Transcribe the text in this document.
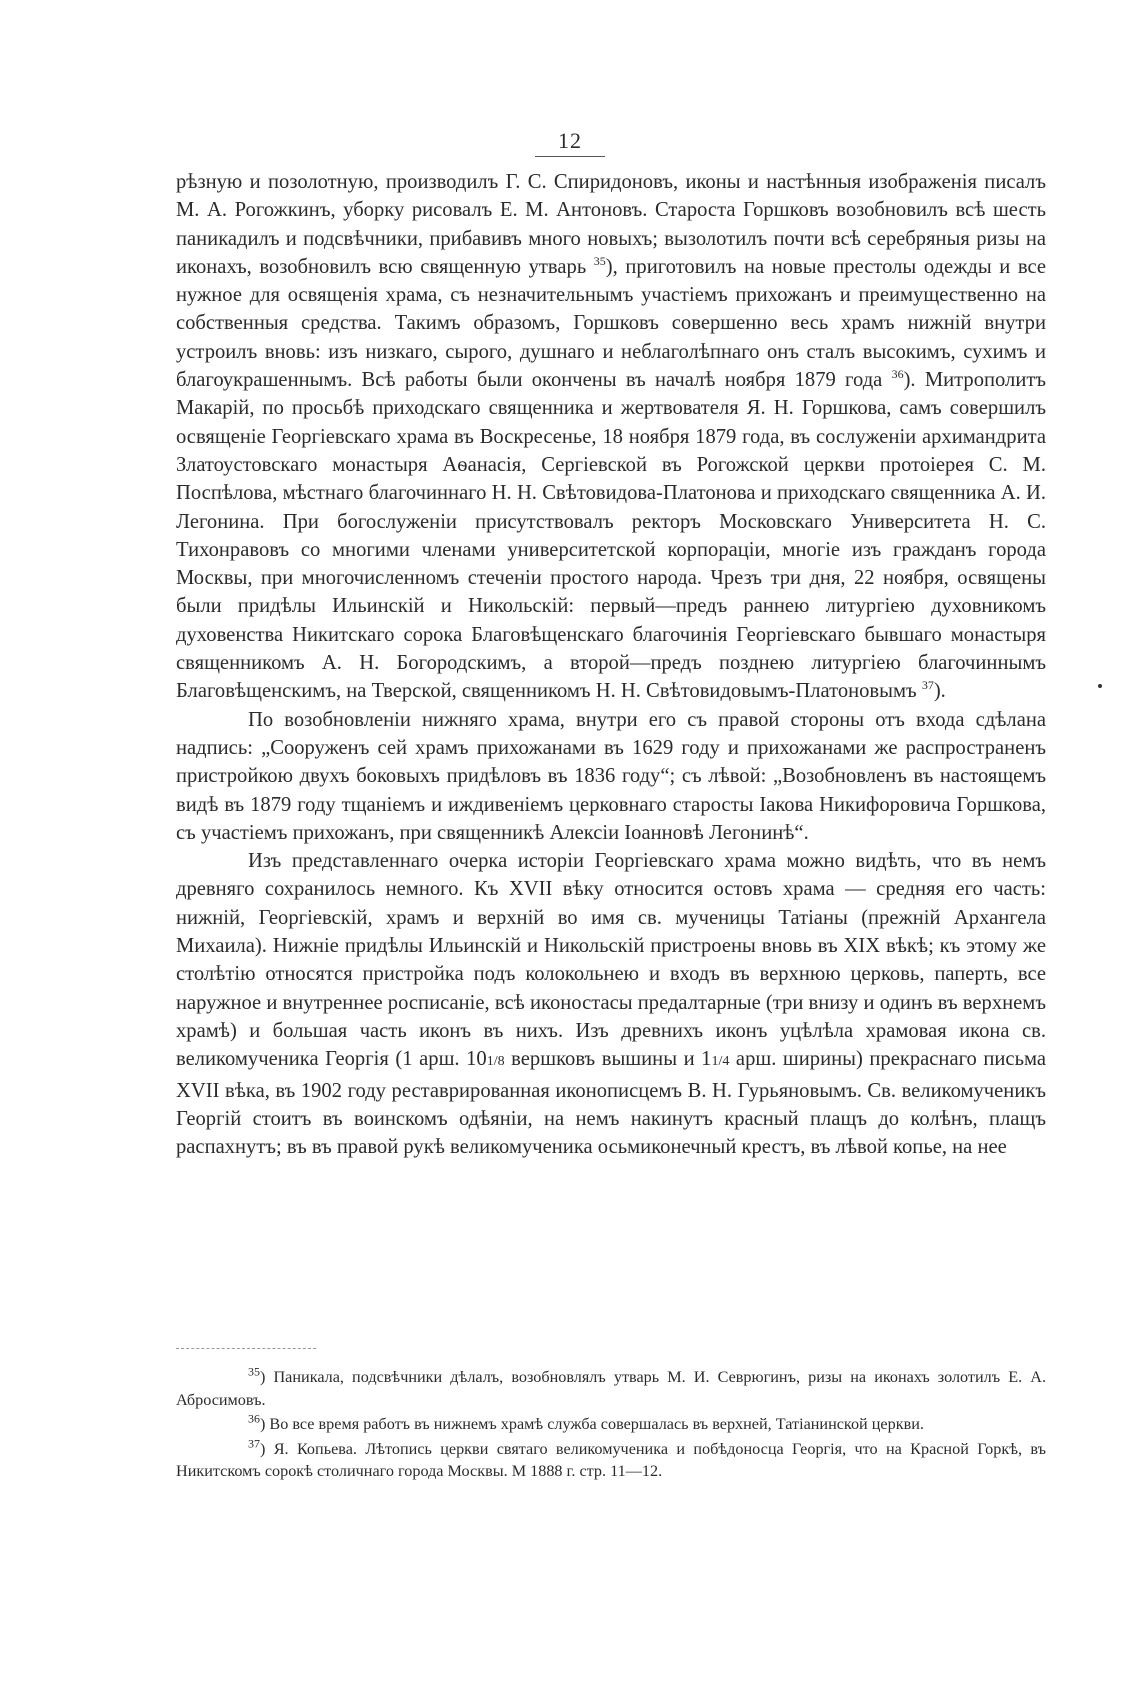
12

рѣзную и позолотную, производилъ Г. С. Спиридоновъ, иконы и настѣнныя изображенія писалъ М. А. Рогожкинъ, уборку рисовалъ Е. М. Антоновъ. Староста Горшковъ возобновилъ всѣ шесть паникадилъ и подсвѣчники, прибавивъ много новыхъ; вызолотилъ почти всѣ серебряныя ризы на иконахъ, возобновилъ всю священную утварь $^{35}$), приготовилъ на новые престолы одежды и все нужное для освященія храма, съ незначительнымъ участіемъ прихожанъ и преимущественно на собственныя средства. Такимъ образомъ, Горшковъ совершенно весь храмъ нижній внутри устроилъ вновь: изъ низкаго, сырого, душнаго и неблаголѣпнаго онъ сталъ высокимъ, сухимъ и благоукрашеннымъ. Всѣ работы были окончены въ началѣ ноября 1879 года $^{36}$). Митрополитъ Макарій, по просьбѣ приходскаго священника и жертвователя Я. Н. Горшкова, самъ совершилъ освященіе Георгіевскаго храма въ Воскресенье, 18 ноября 1879 года, въ сослуженіи архимандрита Златоустовскаго монастыря Аѳанасія, Сергіевской въ Рогожской церкви протоіерея С. М. Поспѣлова, мѣстнаго благочиннаго Н. Н. Свѣтовидова-Платонова и приходскаго священника А. И. Легонина. При богослуженіи присутствовалъ ректоръ Московскаго Университета Н. С. Тихонравовъ со многими членами университетской корпораціи, многіе изъ гражданъ города Москвы, при многочисленномъ стеченіи простого народа. Чрезъ три дня, 22 ноября, освящены были придѣлы Ильинскій и Никольскій: первый—предъ раннею литургіею духовникомъ духовенства Никитскаго сорока Благовѣщенскаго благочинія Георгіевскаго бывшаго монастыря священникомъ А. Н. Богородскимъ, а второй—предъ позднею литургіею благочиннымъ Благовѣщенскимъ, на Тверской, священникомъ Н. Н. Свѣтовидовымъ-Платоновымъ $^{37}$).

По возобновленіи нижняго храма, внутри его съ правой стороны отъ входа сдѣлана надпись: „Сооруженъ сей храмъ прихожанами въ 1629 году и прихожанами же распространенъ пристройкою двухъ боковыхъ придѣловъ въ 1836 году“; съ лѣвой: „Возобновленъ въ настоящемъ видѣ въ 1879 году тщаніемъ и иждивеніемъ церковнаго старосты Іакова Никифоровича Горшкова, съ участіемъ прихожанъ, при священникѣ Алексіи Іоанновѣ Легонинѣ“.

Изъ представленнаго очерка исторіи Георгіевскаго храма можно видѣть, что въ немъ древняго сохранилось немного. Къ XVII вѣку относится остовъ храма — средняя его часть: нижній, Георгіевскій, храмъ и верхній во имя св. мученицы Татіаны (прежній Архангела Михаила). Нижніе придѣлы Ильинскій и Никольскій пристроены вновь въ XIX вѣкѣ; къ этому же столѣтію относятся пристройка подъ колокольнею и входъ въ верхнюю церковь, паперть, все наружное и внутреннее росписаніе, всѣ иконостасы предалтарные (три внизу и одинъ въ верхнемъ храмѣ) и большая часть иконъ въ нихъ. Изъ древнихъ иконъ уцѣлѣла храмовая икона св. великомученика Георгія (1 арш. 101/8 вершковъ вышины и 11/4 арш. ширины) прекраснаго письма XVII вѣка, въ 1902 году реставрированная иконописцемъ В. Н. Гурьяновымъ. Св. великомученикъ Георгій стоитъ въ воинскомъ одѣяніи, на немъ накинутъ красный плащъ до колѣнъ, плащъ распахнутъ; въ въ правой рукѣ великомученика осьмиконечный крестъ, въ лѣвой копье, на нее

$^{35}$) Паникала, подсвѣчники дѣлалъ, возобновлялъ утварь М. И. Севрюгинъ, ризы на иконахъ золотилъ Е. А. Абросимовъ.

$^{36}$) Во все время работъ въ нижнемъ храмѣ служба совершалась въ верхней, Татіанинской церкви.

$^{37}$) Я. Копьева. Лѣтопись церкви святаго великомученика и побѣдоносца Георгія, что на Красной Горкѣ, въ Никитскомъ сорокѣ столичнаго города Москвы. М 1888 г. стр. 11—12.
